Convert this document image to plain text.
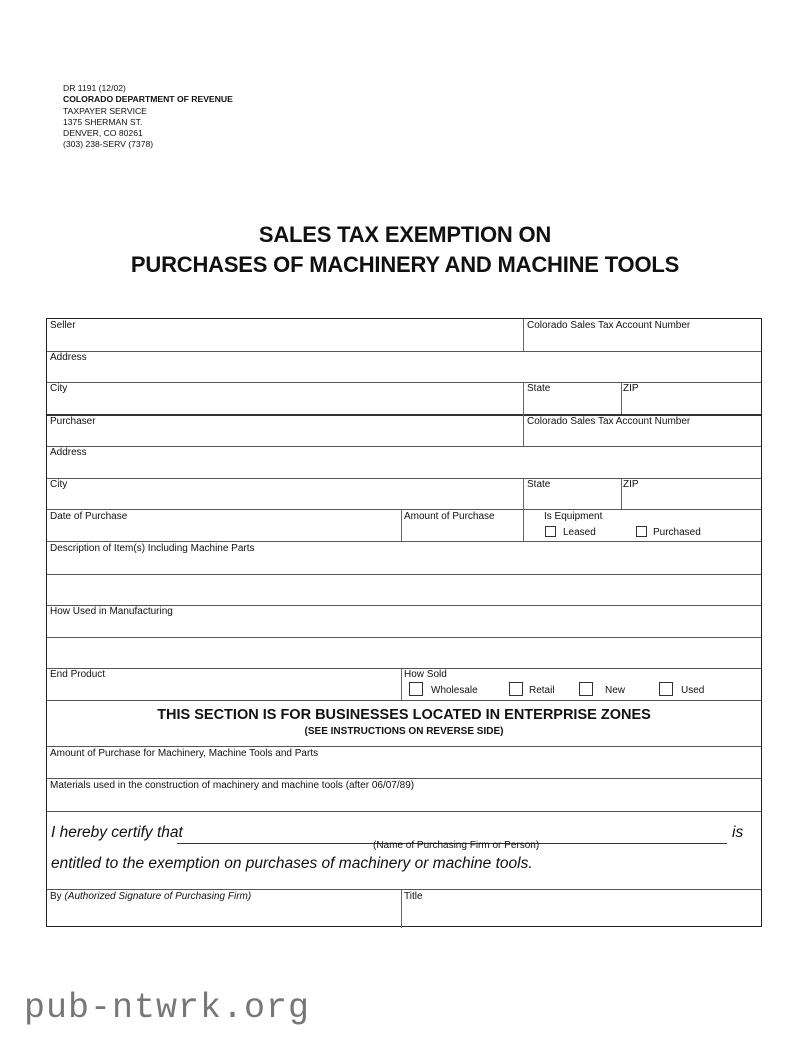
DR 1191 (12/02)
COLORADO DEPARTMENT OF REVENUE
TAXPAYER SERVICE
1375 SHERMAN ST.
DENVER, CO 80261
(303) 238-SERV (7378)
SALES TAX EXEMPTION ON
PURCHASES OF MACHINERY AND MACHINE TOOLS
Seller	Colorado Sales Tax Account Number
Address
City	State	ZIP
Purchaser	Colorado Sales Tax Account Number
Address
City	State	ZIP
Date of Purchase	Amount of Purchase	Is Equipment
Leased	Purchased
Description of Item(s) Including Machine Parts
How Used in Manufacturing
End Product	How Sold
Wholesale	Retail	New	Used
THIS SECTION IS FOR BUSINESSES LOCATED IN ENTERPRISE ZONES
(SEE INSTRUCTIONS ON REVERSE SIDE)
Amount of Purchase for Machinery, Machine Tools and Parts
Materials used in the construction of machinery and machine tools (after 06/07/89)
I hereby certify that	is
(Name of Purchasing Firm or Person)
entitled to the exemption on purchases of machinery or machine tools.
By (Authorized Signature of Purchasing Firm)	Title
pub-ntwrk.org
